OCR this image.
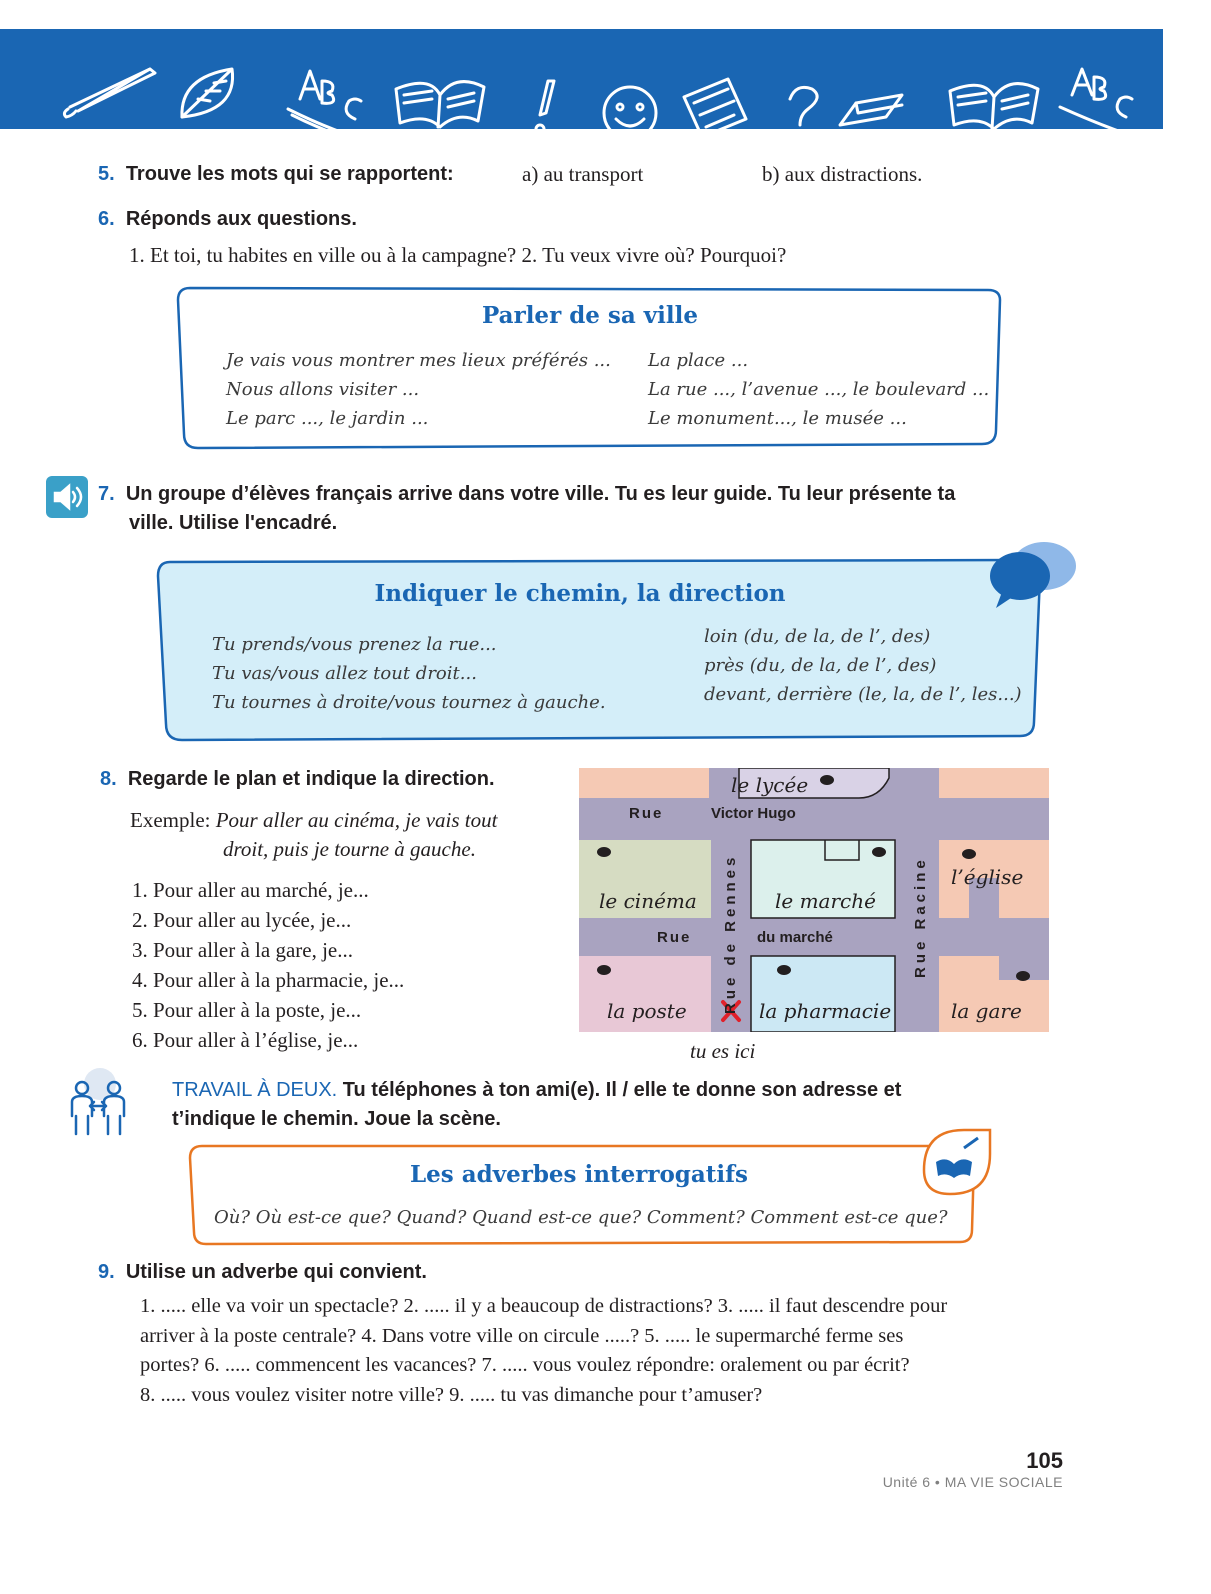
5. Trouve les mots qui se rapportent:	a) au transport	b) aux distractions.
6. Réponds aux questions.
1. Et toi, tu habites en ville ou à la campagne? 2. Tu veux vivre où? Pourquoi?
Parler de sa ville
Je vais vous montrer mes lieux préférés ...
Nous allons visiter ...
Le parc ..., le jardin ...
La place ...
La rue ..., l’avenue ..., le boulevard ...
Le monument..., le musée ...
7. Un groupe d’élèves français arrive dans votre ville. Tu es leur guide. Tu leur présente ta
ville. Utilise l'encadré.
Indiquer le chemin, la direction
Tu prends/vous prenez la rue...
Tu vas/vous allez tout droit...
Tu tournes à droite/vous tournez à gauche.
loin (du, de la, de l’, des)
près (du, de la, de l’, des)
devant, derrière (le, la, de l’, les...)
8. Regarde le plan et indique la direction.
Exemple: Pour aller au cinéma, je vais tout
droit, puis je tourne à gauche.
1. Pour aller au marché, je...
2. Pour aller au lycée, je...
3. Pour aller à la gare, je...
4. Pour aller à la pharmacie, je...
5. Pour aller à la poste, je...
6. Pour aller à l’église, je...
le lycée
Rue	Victor Hugo
Rue de Rennes
le cinéma	le marché Rue Racine l’église
Rue	du marché
la poste	la pharmacie	la gare
tu es ici
TRAVAIL À DEUX. Tu téléphones à ton ami(e). Il / elle te donne son adresse et
t’indique le chemin. Joue la scène.
Les adverbes interrogatifs
Où? Où est-ce que? Quand? Quand est-ce que? Comment? Comment est-ce que?
9. Utilise un adverbe qui convient.
1. ..... elle va voir un spectacle? 2. ..... il y a beaucoup de distractions? 3. ..... il faut descendre pour
arriver à la poste centrale? 4. Dans votre ville on circule .....? 5. ..... le supermarché ferme ses
portes? 6. ..... commencent les vacances? 7. ..... vous voulez répondre: oralement ou par écrit?
8. ..... vous voulez visiter notre ville? 9. ..... tu vas dimanche pour t’amuser?
105
Unité 6 • MA VIE SOCIALE
